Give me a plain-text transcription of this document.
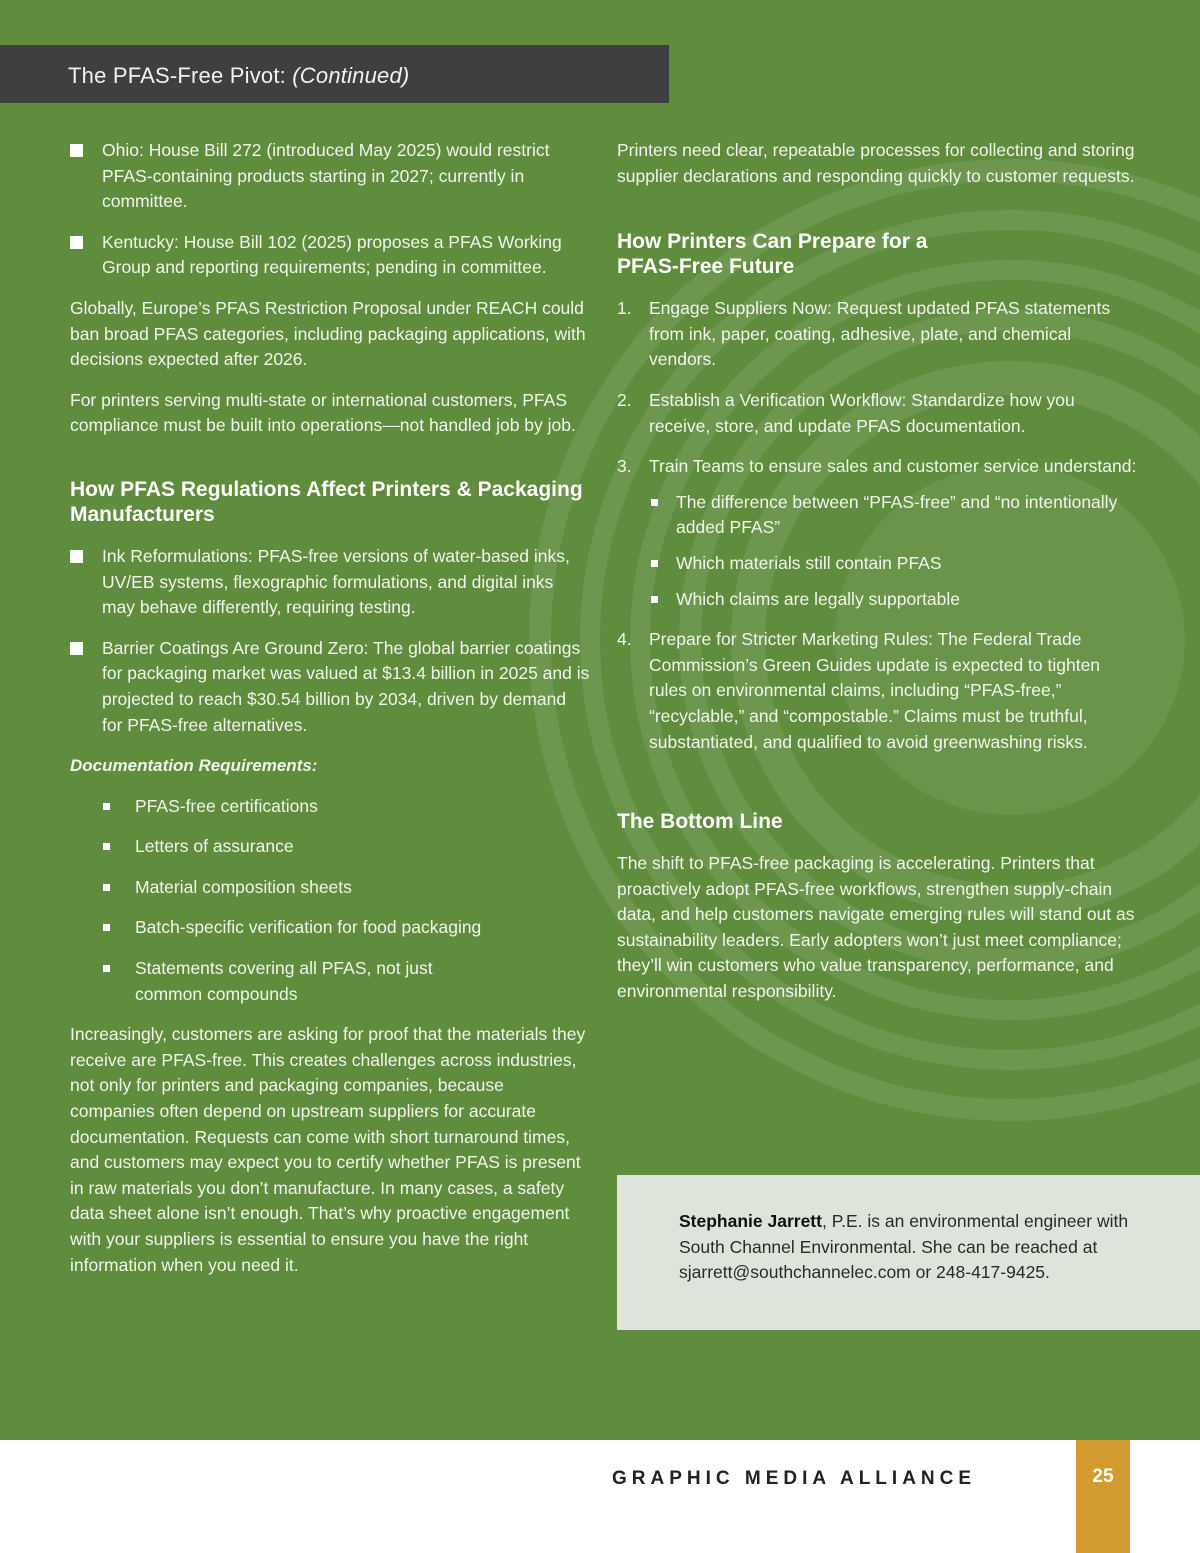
The PFAS-Free Pivot: (Continued)
Ohio: House Bill 272 (introduced May 2025) would restrict PFAS-containing products starting in 2027; currently in committee.
Kentucky: House Bill 102 (2025) proposes a PFAS Working Group and reporting requirements; pending in committee.

Globally, Europe’s PFAS Restriction Proposal under REACH could ban broad PFAS categories, including packaging applications, with decisions expected after 2026.

For printers serving multi-state or international customers, PFAS compliance must be built into operations—not handled job by job.

How PFAS Regulations Affect Printers & Packaging Manufacturers
Ink Reformulations: PFAS-free versions of water-based inks, UV/EB systems, flexographic formulations, and digital inks may behave differently, requiring testing.
Barrier Coatings Are Ground Zero: The global barrier coatings for packaging market was valued at $13.4 billion in 2025 and is projected to reach $30.54 billion by 2034, driven by demand for PFAS-free alternatives.
Documentation Requirements:
PFAS-free certifications
Letters of assurance
Material composition sheets
Batch-specific verification for food packaging
Statements covering all PFAS, not just common compounds

Increasingly, customers are asking for proof that the materials they receive are PFAS-free. This creates challenges across industries, not only for printers and packaging companies, because companies often depend on upstream suppliers for accurate documentation. Requests can come with short turnaround times, and customers may expect you to certify whether PFAS is present in raw materials you don’t manufacture. In many cases, a safety data sheet alone isn’t enough. That’s why proactive engagement with your suppliers is essential to ensure you have the right information when you need it.

Printers need clear, repeatable processes for collecting and storing supplier declarations and responding quickly to customer requests.

How Printers Can Prepare for a PFAS-Free Future
1. Engage Suppliers Now: Request updated PFAS statements from ink, paper, coating, adhesive, plate, and chemical vendors.
2. Establish a Verification Workflow: Standardize how you receive, store, and update PFAS documentation.
3. Train Teams to ensure sales and customer service understand:
The difference between “PFAS-free” and “no intentionally added PFAS”
Which materials still contain PFAS
Which claims are legally supportable
4. Prepare for Stricter Marketing Rules: The Federal Trade Commission’s Green Guides update is expected to tighten rules on environmental claims, including “PFAS-free,” “recyclable,” and “compostable.” Claims must be truthful, substantiated, and qualified to avoid greenwashing risks.
The Bottom Line

The shift to PFAS-free packaging is accelerating. Printers that proactively adopt PFAS-free workflows, strengthen supply-chain data, and help customers navigate emerging rules will stand out as sustainability leaders. Early adopters won’t just meet compliance; they’ll win customers who value transparency, performance, and environmental responsibility.

Stephanie Jarrett, P.E. is an environmental engineer with South Channel Environmental. She can be reached at sjarrett@southchannelec.com or 248-417-9425.
GRAPHIC MEDIA ALLIANCE	25
